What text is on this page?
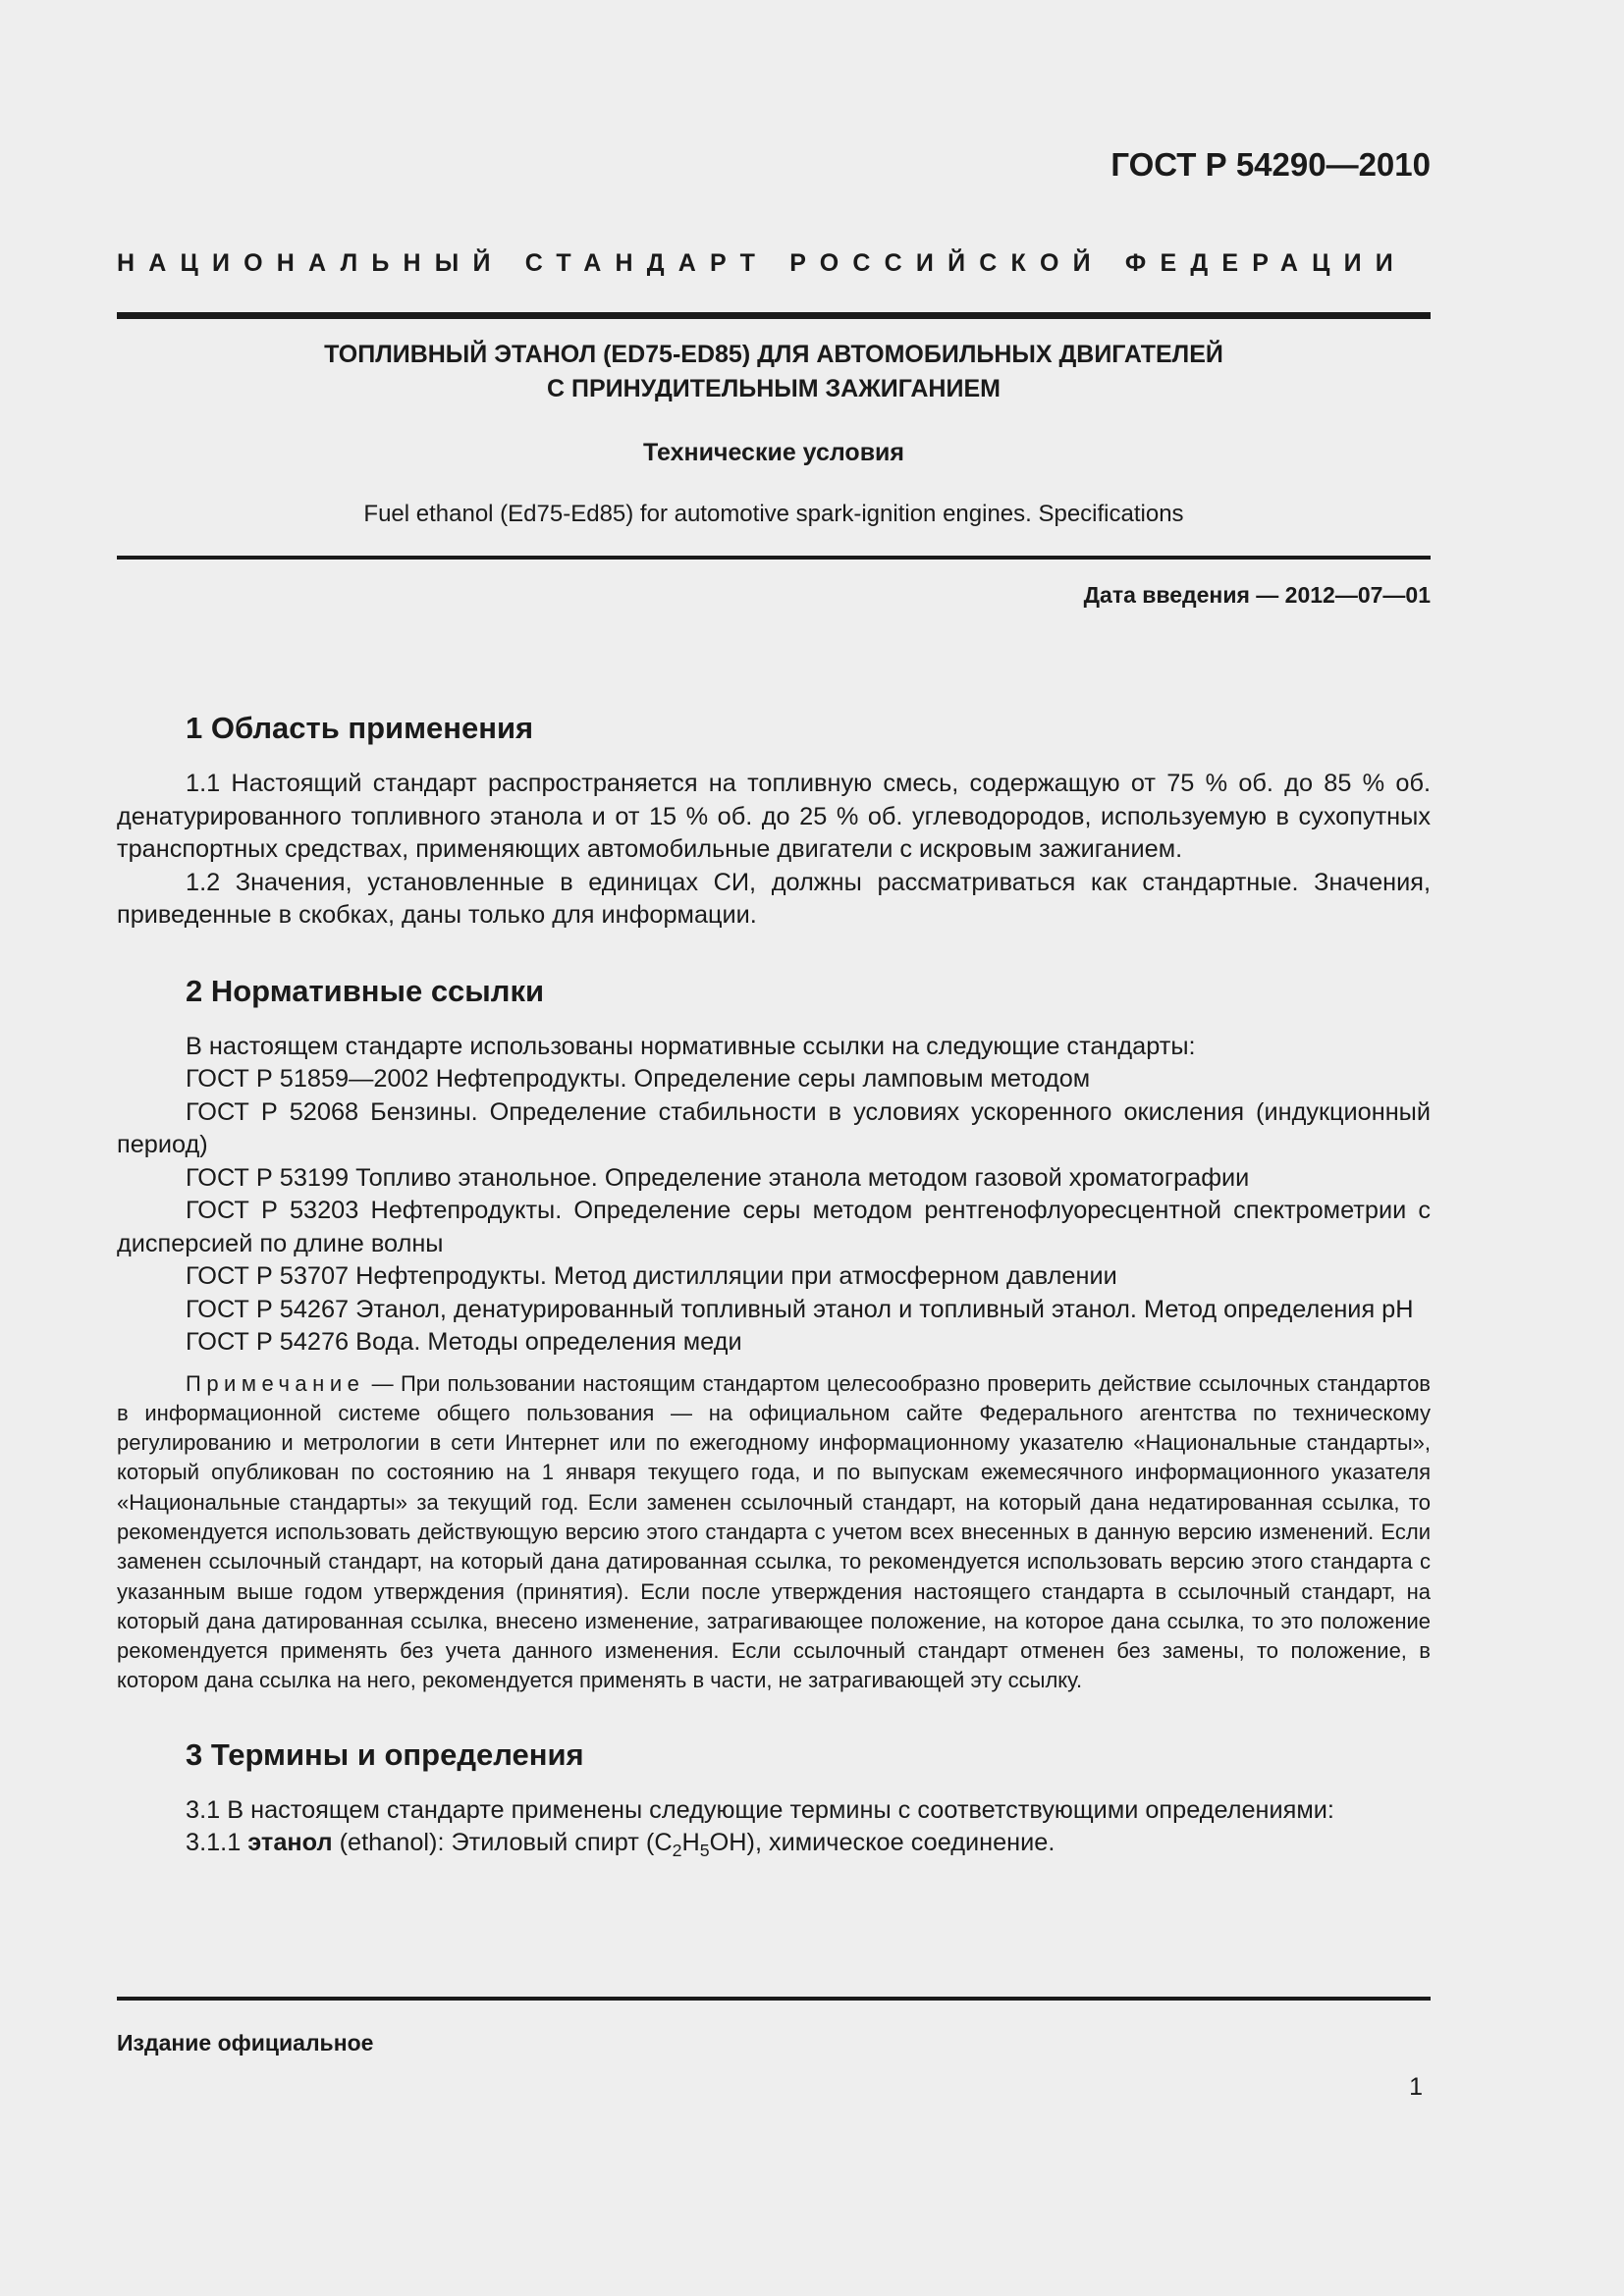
ГОСТ Р 54290—2010
НАЦИОНАЛЬНЫЙ СТАНДАРТ РОССИЙСКОЙ ФЕДЕРАЦИИ
ТОПЛИВНЫЙ ЭТАНОЛ (ED75-ED85) ДЛЯ АВТОМОБИЛЬНЫХ ДВИГАТЕЛЕЙ
С ПРИНУДИТЕЛЬНЫМ ЗАЖИГАНИЕМ
Технические условия
Fuel ethanol (Ed75-Ed85) for automotive spark-ignition engines. Specifications
Дата введения — 2012—07—01
1 Область применения

1.1 Настоящий стандарт распространяется на топливную смесь, содержащую от 75 % об. до 85 % об. денатурированного топливного этанола и от 15 % об. до 25 % об. углеводородов, используемую в сухопутных транспортных средствах, применяющих автомобильные двигатели с искровым зажиганием.

1.2 Значения, установленные в единицах СИ, должны рассматриваться как стандартные. Значения, приведенные в скобках, даны только для информации.

2 Нормативные ссылки

В настоящем стандарте использованы нормативные ссылки на следующие стандарты:

ГОСТ Р 51859—2002 Нефтепродукты. Определение серы ламповым методом

ГОСТ Р 52068 Бензины. Определение стабильности в условиях ускоренного окисления (индукционный период)

ГОСТ Р 53199 Топливо этанольное. Определение этанола методом газовой хроматографии

ГОСТ Р 53203 Нефтепродукты. Определение серы методом рентгенофлуоресцентной спектрометрии с дисперсией по длине волны

ГОСТ Р 53707 Нефтепродукты. Метод дистилляции при атмосферном давлении

ГОСТ Р 54267 Этанол, денатурированный топливный этанол и топливный этанол. Метод определения pH

ГОСТ Р 54276 Вода. Методы определения меди

Примечание — При пользовании настоящим стандартом целесообразно проверить действие ссылочных стандартов в информационной системе общего пользования — на официальном сайте Федерального агентства по техническому регулированию и метрологии в сети Интернет или по ежегодному информационному указателю «Национальные стандарты», который опубликован по состоянию на 1 января текущего года, и по выпускам ежемесячного информационного указателя «Национальные стандарты» за текущий год. Если заменен ссылочный стандарт, на который дана недатированная ссылка, то рекомендуется использовать действующую версию этого стандарта с учетом всех внесенных в данную версию изменений. Если заменен ссылочный стандарт, на который дана датированная ссылка, то рекомендуется использовать версию этого стандарта с указанным выше годом утверждения (принятия). Если после утверждения настоящего стандарта в ссылочный стандарт, на который дана датированная ссылка, внесено изменение, затрагивающее положение, на которое дана ссылка, то это положение рекомендуется применять без учета данного изменения. Если ссылочный стандарт отменен без замены, то положение, в котором дана ссылка на него, рекомендуется применять в части, не затрагивающей эту ссылку.

3 Термины и определения

3.1 В настоящем стандарте применены следующие термины с соответствующими определениями:

3.1.1 этанол (ethanol): Этиловый спирт $(C_2H_5OH)$, химическое соединение.

Издание официальное
1
